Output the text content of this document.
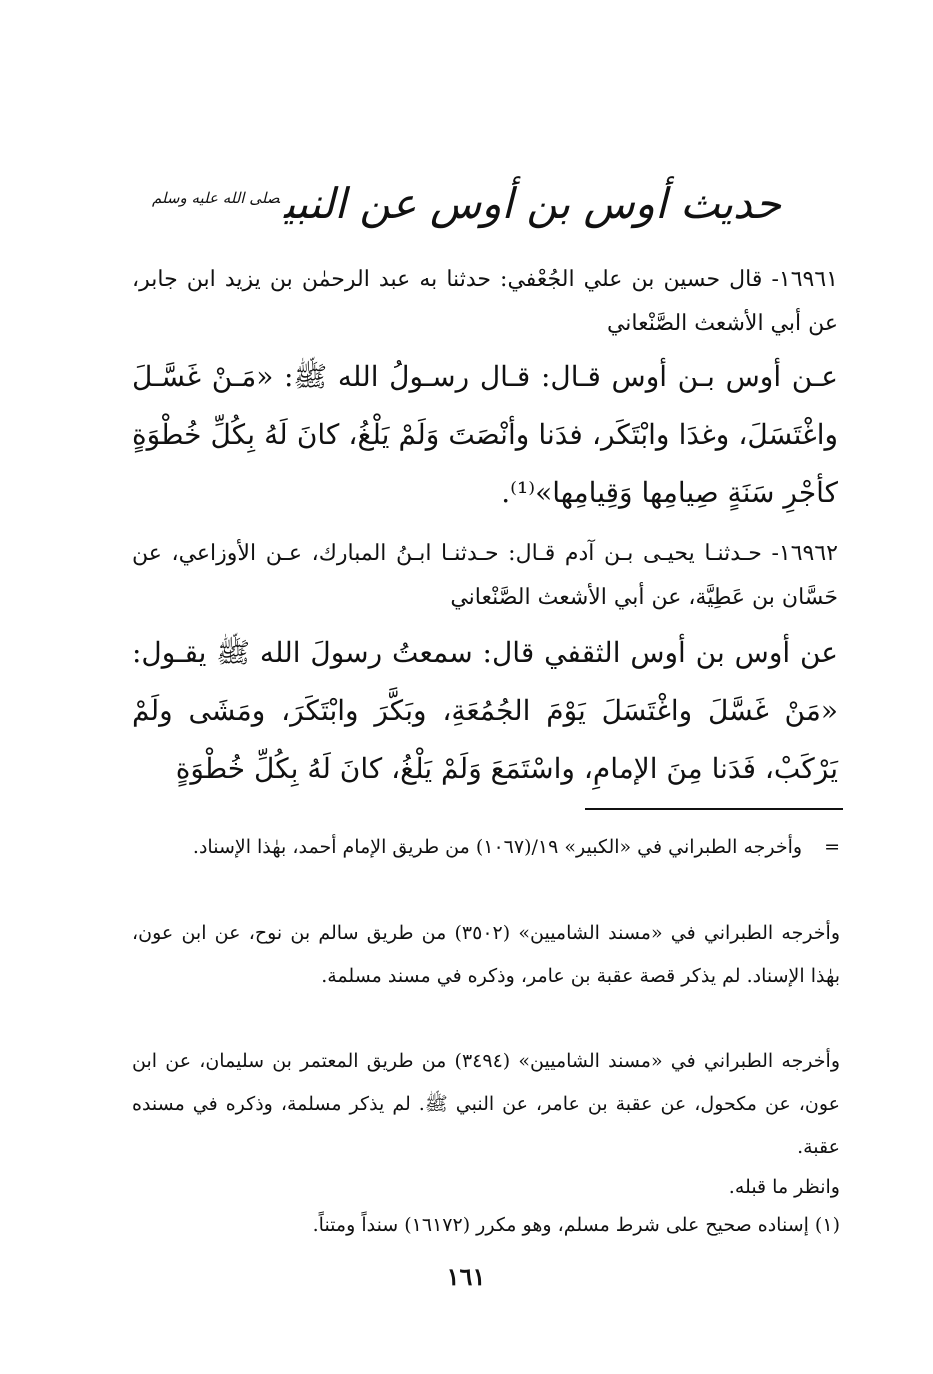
حديث أوس بن أوس عن النبي$^{صلى الله عليه وسلم}$
١٦٩٦١- قال حسين بن علي الجُعْفي: حدثنا به عبد الرحمٰن بن يزيد ابن جابر، عن أبي الأشعث الصَّنْعاني
عـن أوس بـن أوس قـال: قـال رسـولُ الله ﷺ: «مَـنْ غَسَّـلَ واغْتَسَلَ، وغدَا وابْتَكَر، فدَنا وأنْصَتَ وَلَمْ يَلْغُ، كانَ لَهُ بِكُلِّ خُطْوَةٍ كأجْرِ سَنَةٍ صِيامِها وَقِيامِها»⁽¹⁾.
١٦٩٦٢- حـدثنـا يحيـى بـن آدم قـال: حـدثنـا ابـنُ المبارك، عـن الأوزاعي، عن حَسَّان بن عَطِيَّة، عن أبي الأشعث الصَّنْعاني
عن أوس بن أوس الثقفي قال: سمعتُ رسولَ الله ﷺ يقـول: «مَنْ غَسَّلَ واغْتَسَلَ يَوْمَ الجُمُعَةِ، وبَكَّرَ وابْتَكَرَ، ومَشَى ولَمْ يَرْكَبْ، فَدَنا مِنَ الإمامِ، واسْتَمَعَ وَلَمْ يَلْغُ، كانَ لَهُ بِكُلِّ خُطْوَةٍ
=وأخرجه الطبراني في «الكبير» ١٩/(١٠٦٧) من طريق الإمام أحمد، بهٰذا الإسناد.
وأخرجه الطبراني في «مسند الشاميين» (٣٥٠٢) من طريق سالم بن نوح، عن ابن عون، بهٰذا الإسناد. لم يذكر قصة عقبة بن عامر، وذكره في مسند مسلمة.
وأخرجه الطبراني في «مسند الشاميين» (٣٤٩٤) من طريق المعتمر بن سليمان، عن ابن عون، عن مكحول، عن عقبة بن عامر، عن النبي ﷺ. لم يذكر مسلمة، وذكره في مسنده عقبة.
وانظر ما قبله.
(١) إسناده صحيح على شرط مسلم، وهو مكرر (١٦١٧٢) سنداً ومتناً.
١٦١
